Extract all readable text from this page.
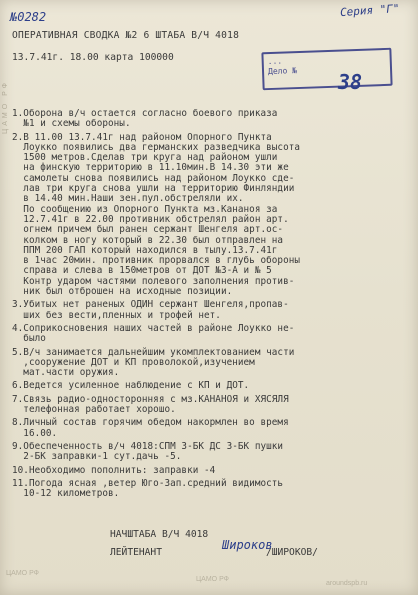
№0282	Серия "Г"
ОПЕРАТИВНАЯ СВОДКА №2 6 ШТАБА В/Ч 4018
13.7.41г. 18.00 карта 100000	...
Дело №	38
1.Оборона в/ч остается согласно боевого приказа
№1 и схемы обороны.
2.В 11.00 13.7.41г над районом Опорного Пункта
Лоукко появились два германских разведчика высота
1500 метров.Сделав три круга над районом ушли
на финскую территорию в 11.10мин.В 14.30 эти же
самолеты снова появились над районом Лоукко сде-
лав три круга снова ушли на территорию Финляндии
в 14.40 мин.Наши зен.пул.обстреляли их.
По сообщению из Опорного Пункта мз.Кананоя за
12.7.41г в 22.00 противник обстрелял район арт.
огнем причем был ранен сержант Шенгеля арт.ос-
колком в ногу который в 22.30 был отправлен на
ППМ 200 ГАП который находился в тылу.13.7.41г
в 1час 20мин. противник прорвался в глубь обороны
справа и слева в 150метров от ДОТ №3-А и № 5
Контр ударом частями полевого заполнения против-
ник был отброшен на исходные позиции.
3.Убитых нет раненых ОДИН сержант Шенгеля,пропав-
ших без вести,пленных и трофей нет.
4.Соприкосновения наших частей в районе Лоукко не-
было
5.В/ч занимается дальнейшим укомплектованием части
,сооружение ДОТ и КП проволокой,изучением
мат.части оружия.
6.Ведется усиленное наблюдение с КП и ДОТ.
7.Связь радио-односторонняя с мз.КАНАНОЯ и ХЯСЯЛЯ
телефонная работает хорошо.
8.Личный состав горячим обедом накормлен во время
16.00.
9.Обеспеченность в/ч 4018:СПМ 3-БК ДС 3-БК пушки
2-БК заправки-1 сут.дачь -5.
10.Необходимо пополнить: заправки -4
11.Погода ясная ,ветер Юго-Зап.средний видимость
10-12 километров.
НАЧШТАБА В/Ч 4018
ЛЕЙТЕНАНТ	/ШИРОКОВ/
Широков
ЦАМО РФ
ЦАМО РФ
ЦАМО РФ
aroundspb.ru
